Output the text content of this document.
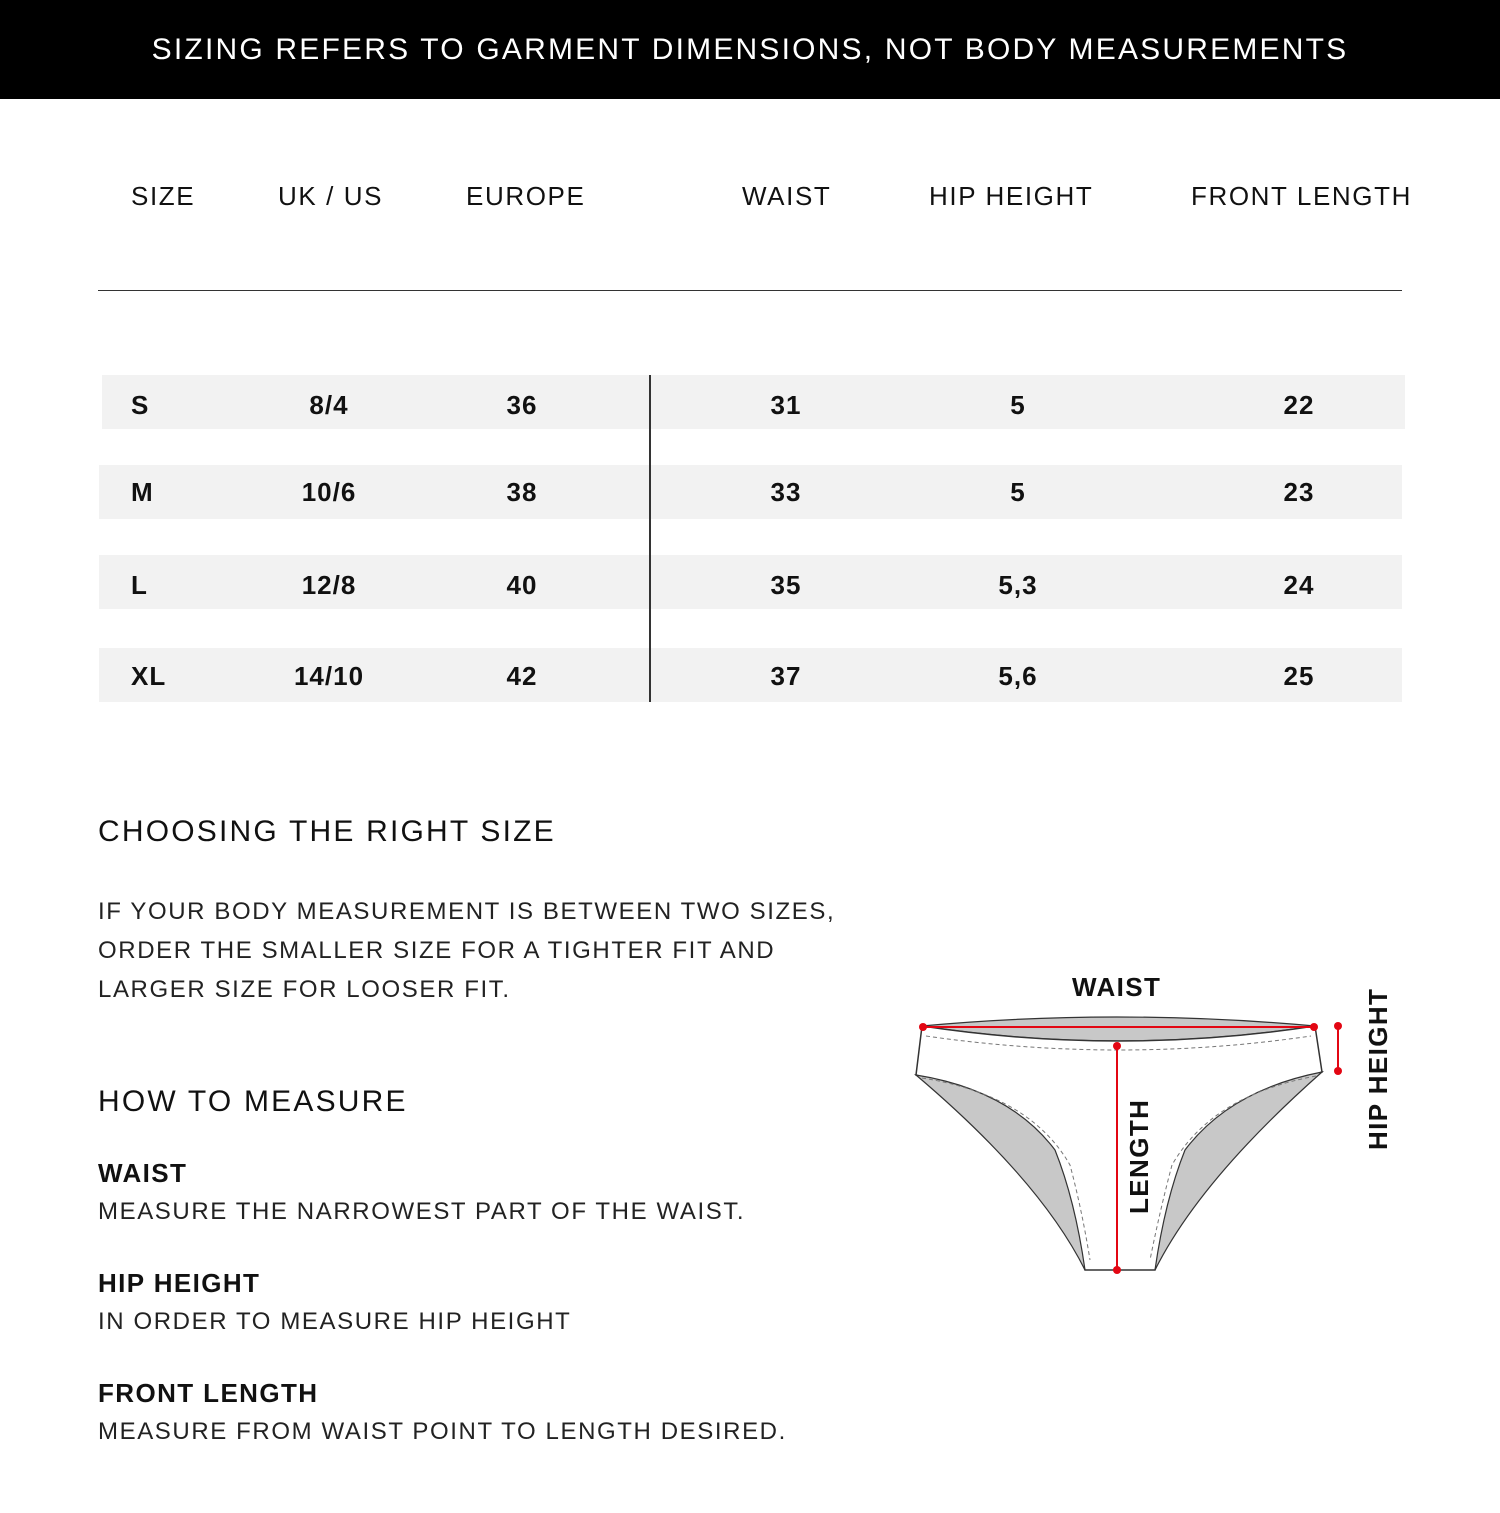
SIZING REFERS TO GARMENT DIMENSIONS, NOT BODY MEASUREMENTS
SIZE	UK / US	EUROPE	WAIST	HIP HEIGHT	FRONT LENGTH
S	8/4	36	31	5	22
M	10/6	38	33	5	23
L	12/8	40	35	5,3	24
XL	14/10	42	37	5,6	25
CHOOSING THE RIGHT SIZE
IF YOUR BODY MEASUREMENT IS BETWEEN TWO SIZES,
ORDER THE SMALLER SIZE FOR A TIGHTER FIT AND
LARGER SIZE FOR LOOSER FIT.
HOW TO MEASURE
WAIST
MEASURE THE NARROWEST PART OF THE WAIST.
HIP HEIGHT
IN ORDER TO MEASURE HIP HEIGHT
FRONT LENGTH
MEASURE FROM WAIST POINT TO LENGTH DESIRED.
WAIST
LENGTH
HIP HEIGHT
